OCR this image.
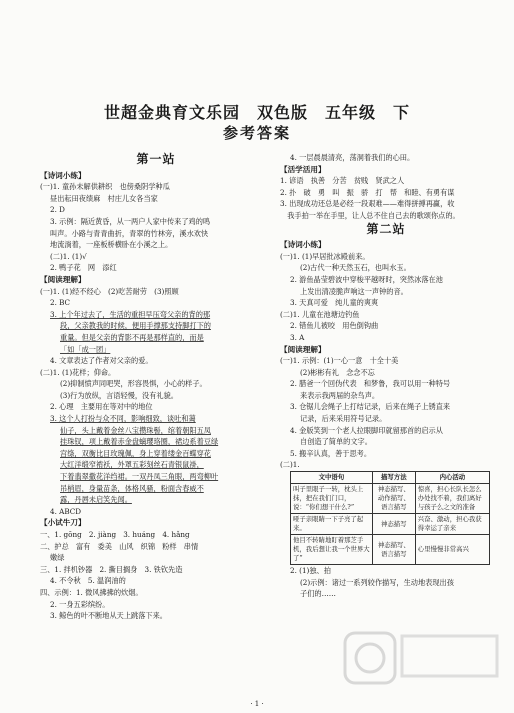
世超金典育文乐园　双色版　五年级　下
参考答案
第一站
【诗词小练】
(一)1. 童孙未解供耕织　也傍桑阴学种瓜
昼出耘田夜绩麻　村庄儿女各当家
2. D
3. 示例：隔近黄昏，从一两户人家中传来了鸡的鸣
叫声。小路与青青曲折，青翠的竹林旁，溪水欢快
地流淌着，一座板桥横卧在小溪之上。
(二)1. (1)√
2. 鸭子花　网　添红
【阅读理解】
(一)1. (1)经不经心　(2)吃苦耐劳　(3)照顾
2. BC
3. 上个年过去了，生活的重担早压弯父亲的背的那
段，父亲教我的时候，便用手撑那支持脚打下的
重量。但是父亲的背影不再是那样直的，而是
「如「成一团」
4. 文章表达了作者对父亲的爱。
(二)1. (1)花样；仰命。
(2)抑制愤声同吧哭，形容畏惧，小心的样子。
(3)行为放纵，言语轻慢，没有礼貌。
2. 心理　主要用在等对中的地位
3. 这个人打扮与众不同，影响细致，谈吐和蔼
仙子，头上戴着金丝八宝攒珠髻，绾着朝阳五凤
挂珠钗，项上戴着赤金盘螭璎珞圈，裙边系着豆绿
宫绦，双衡比目玫瑰佩，身上穿着缕金百蝶穿花
大红洋缎窄褃袄，外罩五彩刻丝石青银鼠褂，
下着翡翠撒花洋绉裙。一双丹凤三角眼，两弯柳叶
吊梢眉，身量苗条，体格风骚，粉面含春威不
露，丹唇未启笑先闻。
4. ABCD
【小试牛刀】
一、1. gōng　2. jiàng　3. huáng　4. hǎng
二、护总　富有　委美　山风　织锦　粉样　串情
嫩绿
三、1. 拌机钞器　2. 撕目搁身　3. 铁钦先造
4. 不令秋　5. 温润油的
四、示例：1. 微风拂拂的炊烟。
2. 一身五彩缤纷。
3. 鲸色的叶不断地从天上跳落下来。
4. 一层晨晨清亮，荡洞着我们的心田。
【活学活用】
1. 谚语　执善　分苦　贫贱　贤武之人
2. 扑　破　勇　叫　振　骄　打　帮　和睦、有勇有谋
3. 出现成功还总是必经一段艰难——难得拼搏再赢，收
　我手拍一举在手里，让人总不住自己去的歌颂你点的。
第二站
【诗词小练】
(一)1. (1)早居批冰殿前来。
(2)古代一种天然玉石，也叫水玉。
2. 游鱼晶莹碧波中穿梭平越呀时，突然冰落在池
上发出清凌脆声响这一声钟的音。
3. 天真可爱　纯儿童的爽爽
(二)1. 儿童在池塘边钓鱼
2. 错鱼儿被咬　用色倒钩曲
3. A
【阅读理解】
(一)1. 示例：(1)一心一意　十全十美
(2)彬彬有礼　念念不忘
2. 腊爸一个回伪代表　和梦鲁，我可以用一种特号
来表示我两届的杂鸟声。
3. 仓锯儿会绳子上打结记录，后来在绳子上锈直来
记录，后来采用符号记录。
4. 金版笑到一个老人拉眼脚印就留那首的启示从
自创造了简单的文字。
5. 搬辛认真，善于思考。
(二)1.
文中语句	描写方法	内心活动
叫子里眼子一转，枕头上抹，把在我们门口，说：“你们想干什么?”	神态描写、动作描写、语言描写	惊喜，担心长队长怎么办处找不着，我们离好与孩子么之文的准备
哑子亲眼睛一下子亮了起来。	神态描写	兴奋、激动，担心我获得幸运了亲来
他目不转睛地盯着那芝手机，我后想让我一个世界大了”	神态描写、语言描写	心里慢慢非常高兴
2. (1)独、拍
(2)示例：诸过一系列较作描写，生动地表现出孩
子们的……
· 1 ·
